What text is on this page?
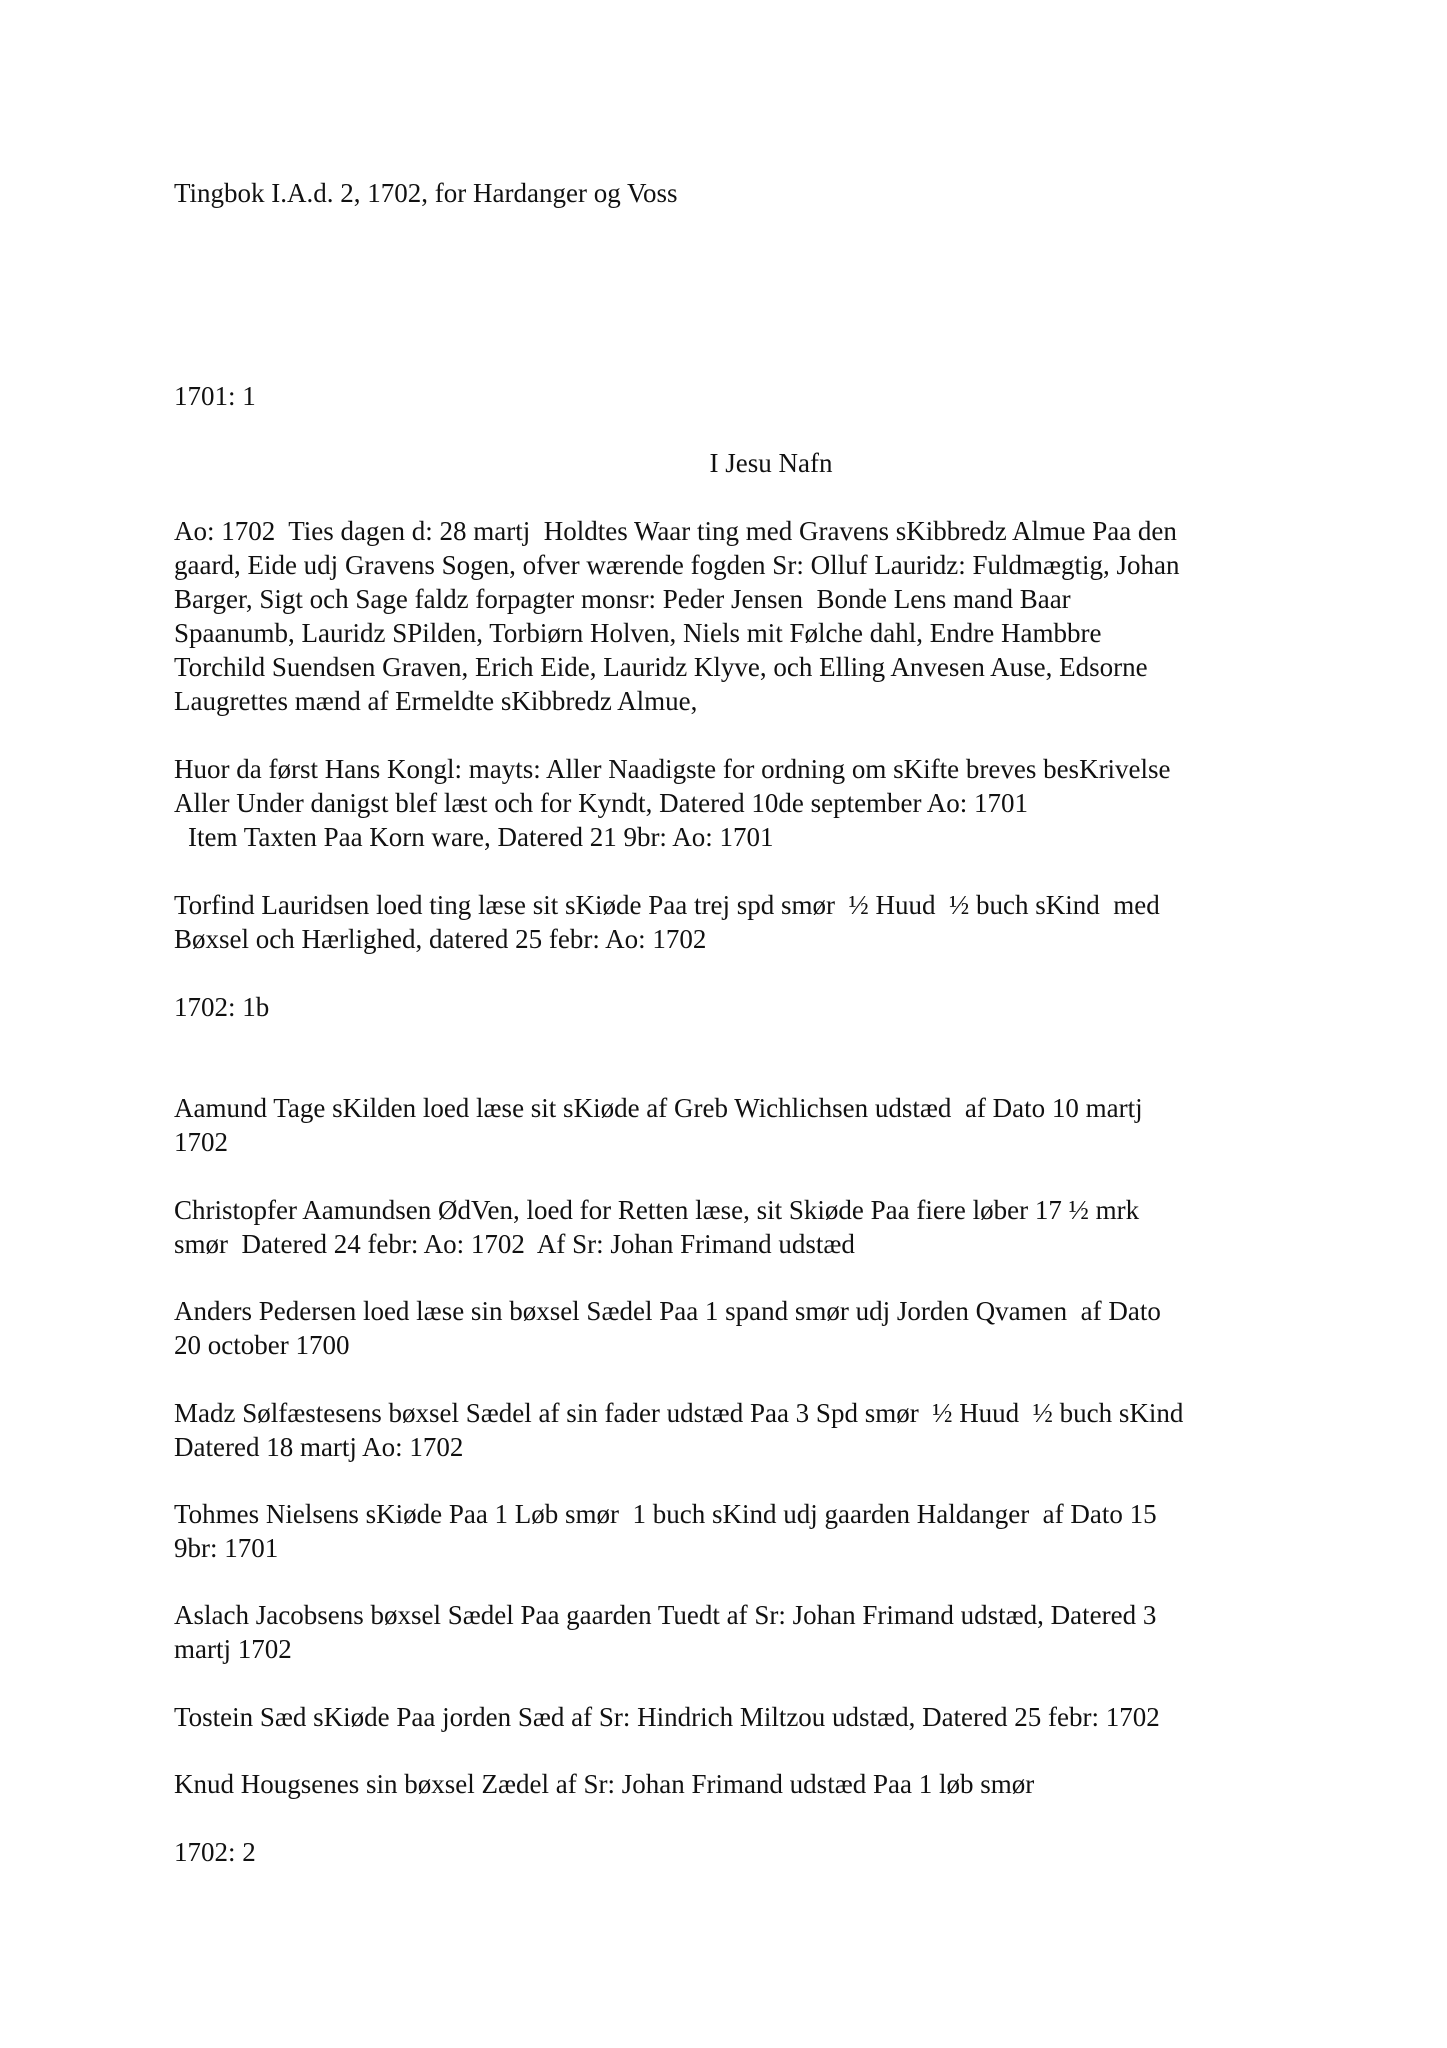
Tingbok I.A.d. 2, 1702, for Hardanger og Voss

1701: 1

I Jesu Nafn

Ao: 1702  Ties dagen d: 28 martj  Holdtes Waar ting med Gravens sKibbredz Almue Paa den

gaard, Eide udj Gravens Sogen, ofver wærende fogden Sr: Olluf Lauridz: Fuldmægtig, Johan

Barger, Sigt och Sage faldz forpagter monsr: Peder Jensen  Bonde Lens mand Baar

Spaanumb, Lauridz SPilden, Torbiørn Holven, Niels mit Følche dahl, Endre Hambbre

Torchild Suendsen Graven, Erich Eide, Lauridz Klyve, och Elling Anvesen Ause, Edsorne

Laugrettes mænd af Ermeldte sKibbredz Almue,

Huor da først Hans Kongl: mayts: Aller Naadigste for ordning om sKifte breves besKrivelse

Aller Under danigst blef læst och for Kyndt, Datered 10de september Ao: 1701

Item Taxten Paa Korn ware, Datered 21 9br: Ao: 1701

Torfind Lauridsen loed ting læse sit sKiøde Paa trej spd smør  ½ Huud  ½ buch sKind  med

Bøxsel och Hærlighed, datered 25 febr: Ao: 1702

1702: 1b

Aamund Tage sKilden loed læse sit sKiøde af Greb Wichlichsen udstæd  af Dato 10 martj

1702

Christopfer Aamundsen ØdVen, loed for Retten læse, sit Skiøde Paa fiere løber 17 ½ mrk

smør  Datered 24 febr: Ao: 1702  Af Sr: Johan Frimand udstæd

Anders Pedersen loed læse sin bøxsel Sædel Paa 1 spand smør udj Jorden Qvamen  af Dato

20 october 1700

Madz Sølfæstesens bøxsel Sædel af sin fader udstæd Paa 3 Spd smør  ½ Huud  ½ buch sKind

Datered 18 martj Ao: 1702

Tohmes Nielsens sKiøde Paa 1 Løb smør  1 buch sKind udj gaarden Haldanger  af Dato 15

9br: 1701

Aslach Jacobsens bøxsel Sædel Paa gaarden Tuedt af Sr: Johan Frimand udstæd, Datered 3

martj 1702

Tostein Sæd sKiøde Paa jorden Sæd af Sr: Hindrich Miltzou udstæd, Datered 25 febr: 1702

Knud Hougsenes sin bøxsel Zædel af Sr: Johan Frimand udstæd Paa 1 løb smør

1702: 2
